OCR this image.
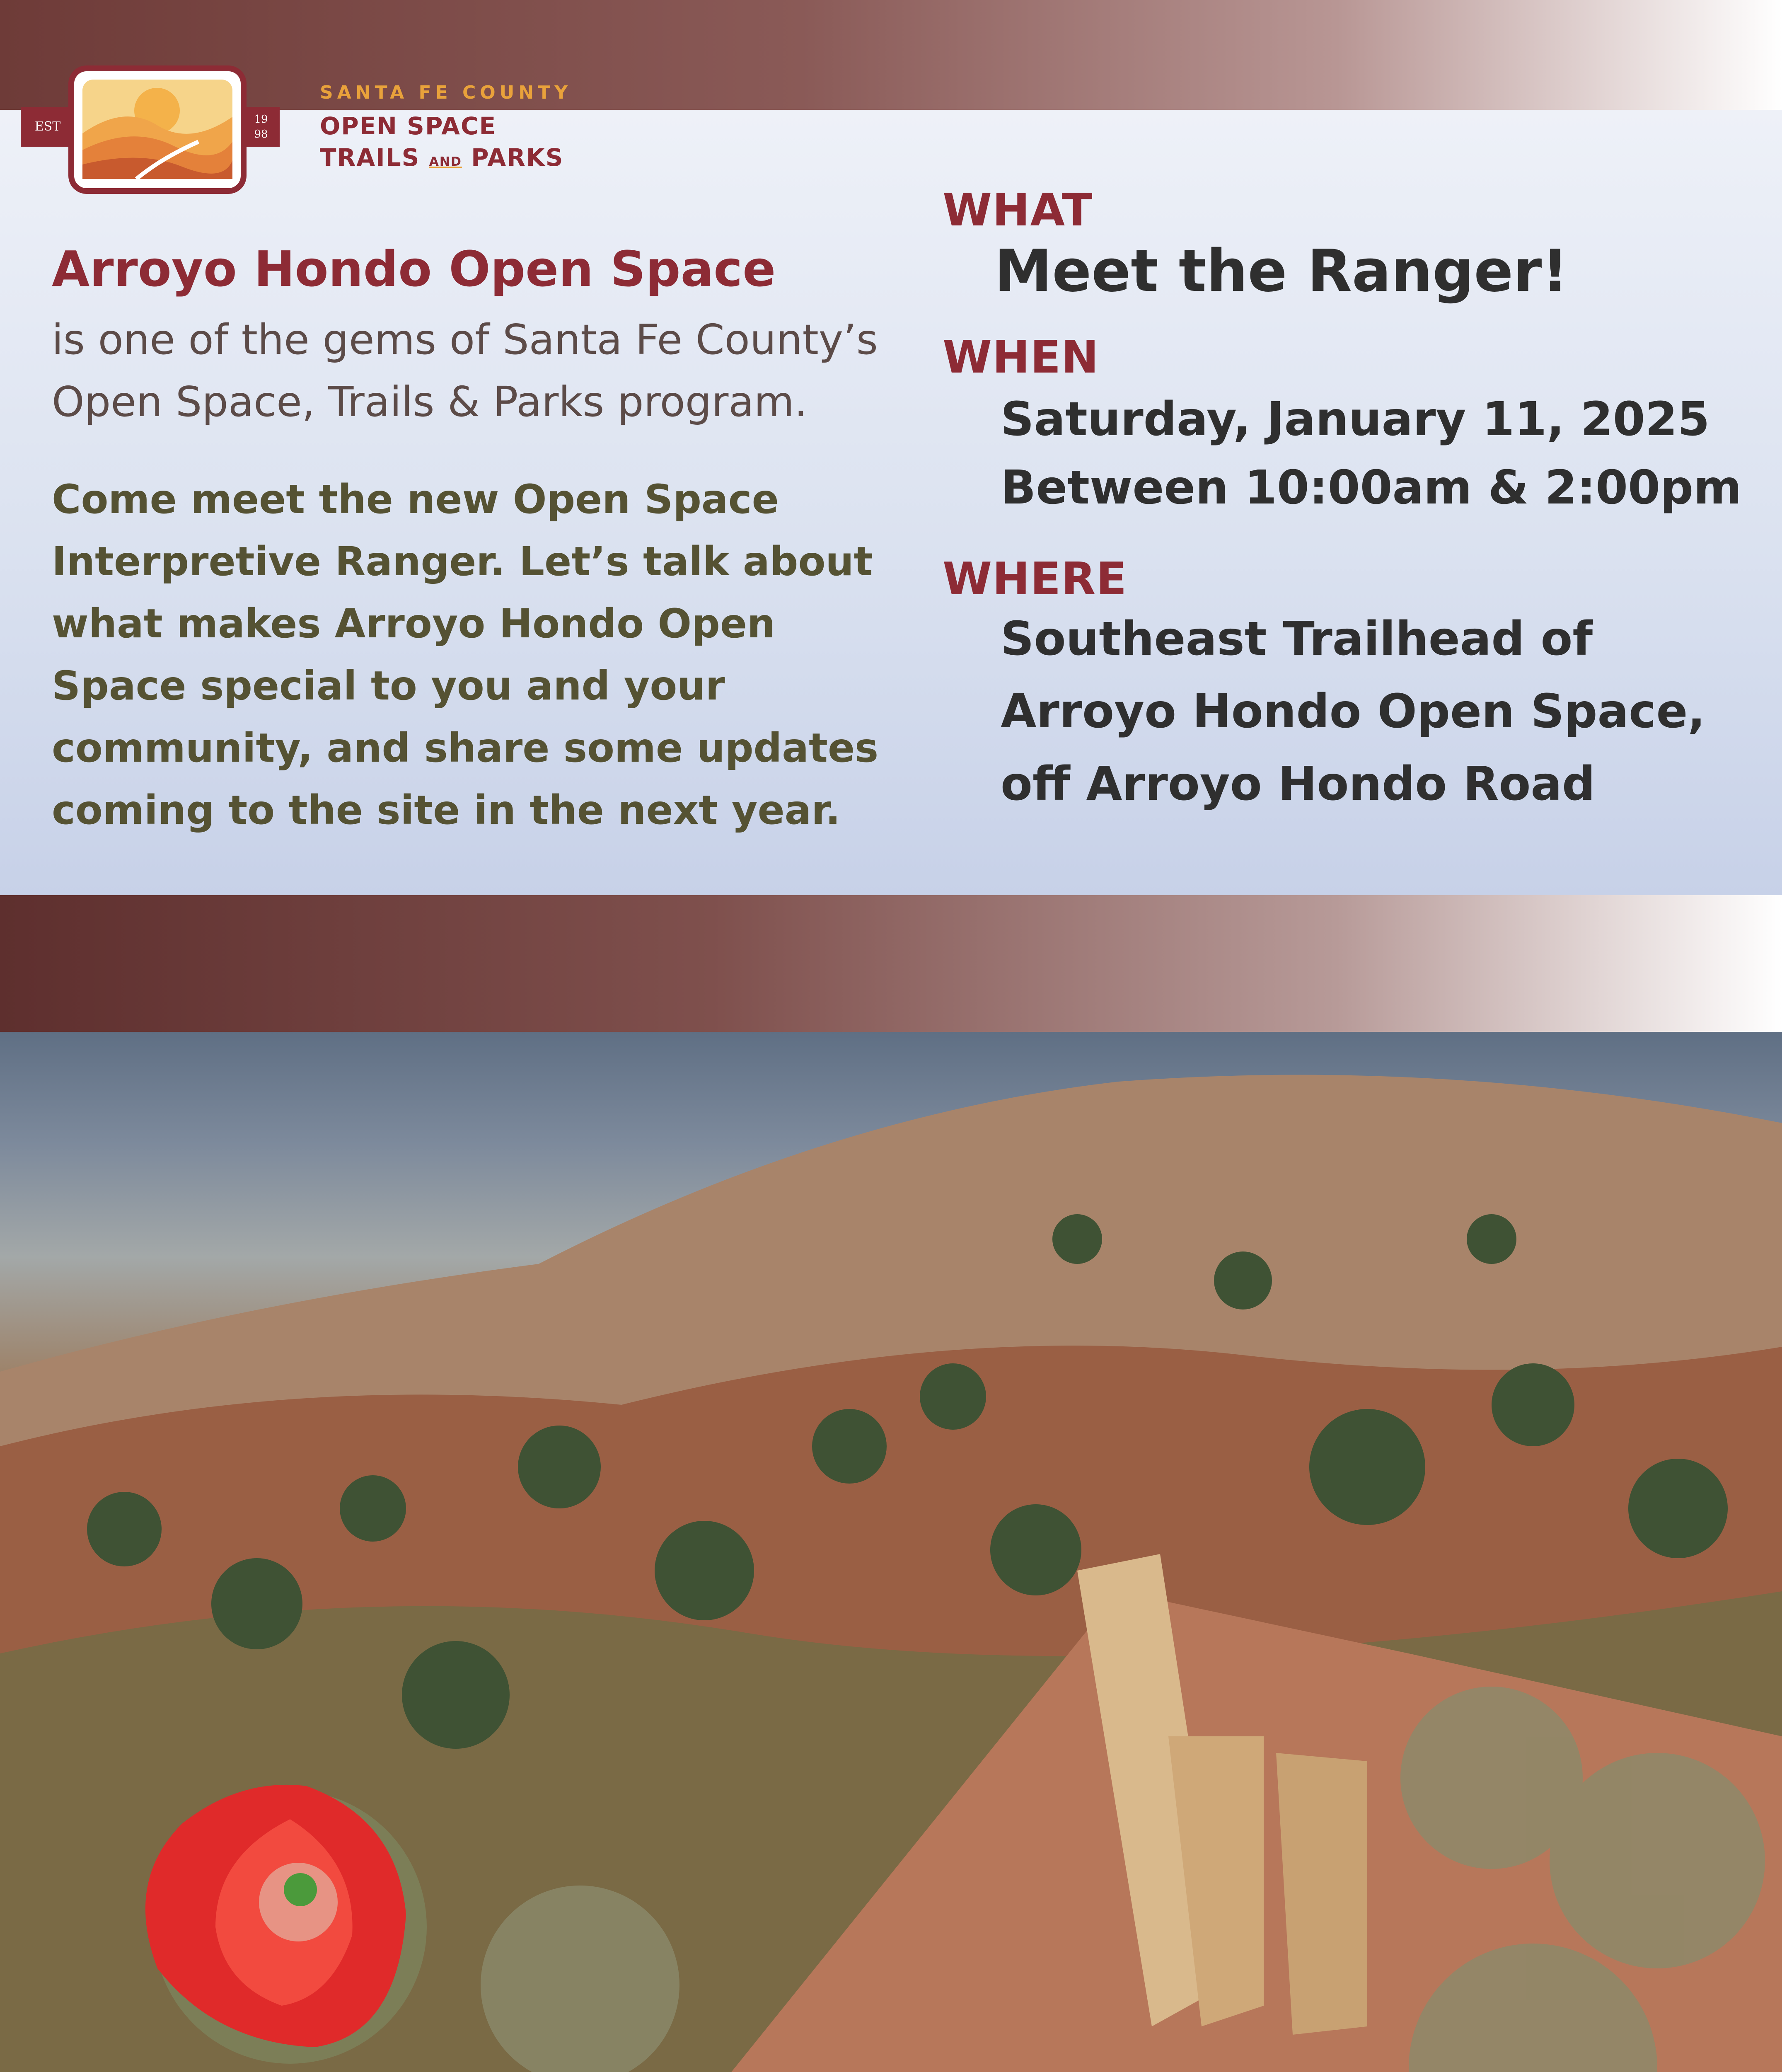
EST	19
98
SANTA FE COUNTY
OPEN SPACE
TRAILS AND PARKS
Arroyo Hondo Open Space
is one of the gems of Santa Fe County’s Open Space, Trails & Parks program.
Come meet the new Open Space Interpretive Ranger. Let’s talk about what makes Arroyo Hondo Open Space special to you and your community, and share some updates coming to the site in the next year.
WHAT
Meet the Ranger!
WHEN
Saturday, January 11, 2025
Between 10:00am & 2:00pm
WHERE
Southeast Trailhead of
Arroyo Hondo Open Space,
off Arroyo Hondo Road
